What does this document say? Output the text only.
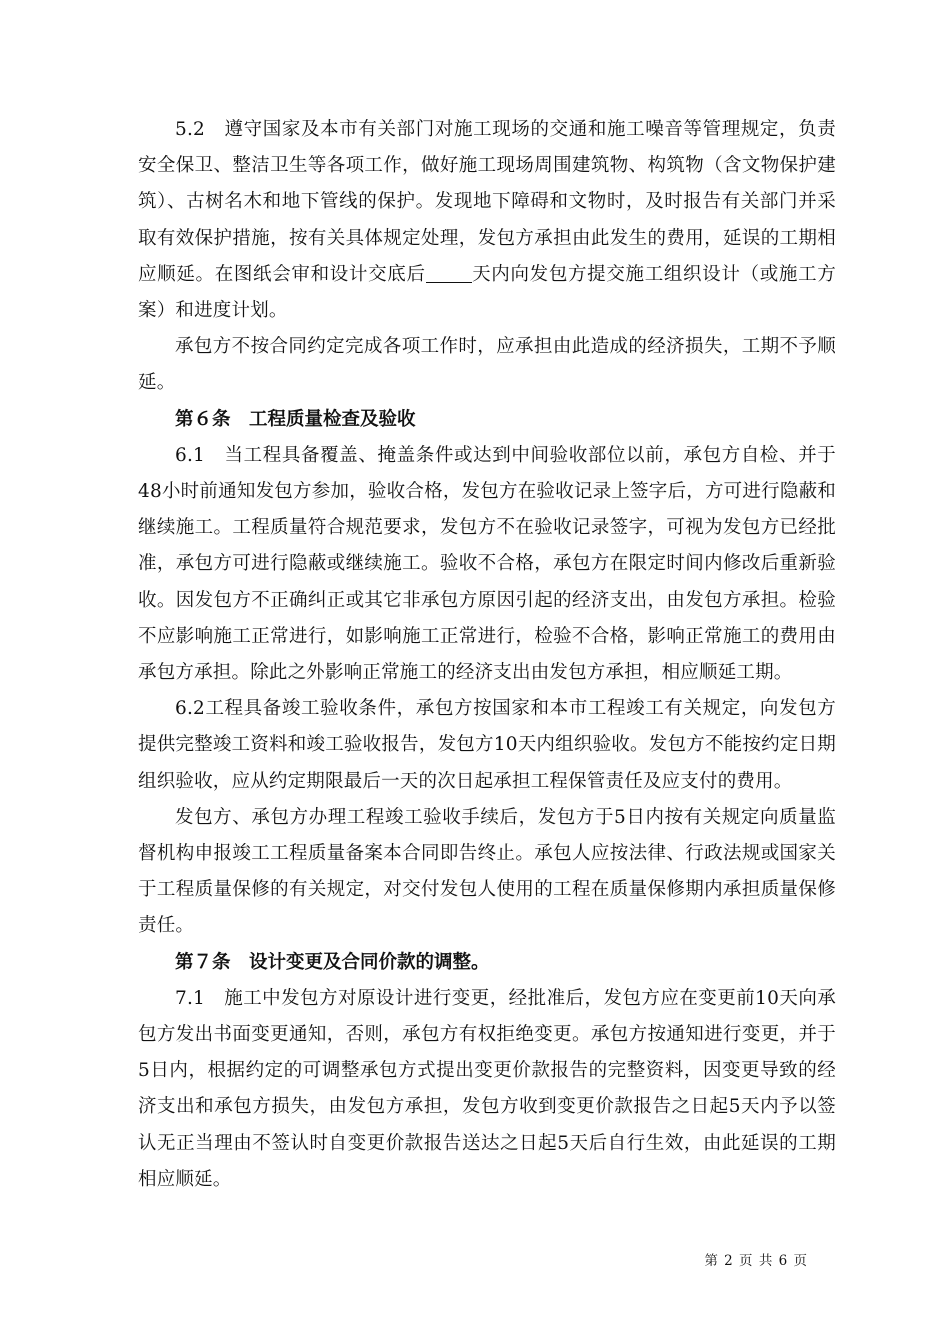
5.2　遵守国家及本市有关部门对施工现场的交通和施工噪音等管理规定，负责安全保卫、整洁卫生等各项工作，做好施工现场周围建筑物、构筑物（含文物保护建筑）、古树名木和地下管线的保护。发现地下障碍和文物时，及时报告有关部门并采取有效保护措施，按有关具体规定处理，发包方承担由此发生的费用，延误的工期相应顺延。在图纸会审和设计交底后 天内向发包方提交施工组织设计（或施工方案）和进度计划。

承包方不按合同约定完成各项工作时，应承担由此造成的经济损失，工期不予顺延。

第６条　工程质量检查及验收

6.1　当工程具备覆盖、掩盖条件或达到中间验收部位以前，承包方自检、并于48小时前通知发包方参加，验收合格，发包方在验收记录上签字后，方可进行隐蔽和继续施工。工程质量符合规范要求，发包方不在验收记录签字，可视为发包方已经批准，承包方可进行隐蔽或继续施工。验收不合格，承包方在限定时间内修改后重新验收。因发包方不正确纠正或其它非承包方原因引起的经济支出，由发包方承担。检验不应影响施工正常进行，如影响施工正常进行，检验不合格，影响正常施工的费用由承包方承担。除此之外影响正常施工的经济支出由发包方承担，相应顺延工期。

6.2工程具备竣工验收条件，承包方按国家和本市工程竣工有关规定，向发包方提供完整竣工资料和竣工验收报告，发包方10天内组织验收。发包方不能按约定日期组织验收，应从约定期限最后一天的次日起承担工程保管责任及应支付的费用。

发包方、承包方办理工程竣工验收手续后，发包方于5日内按有关规定向质量监督机构申报竣工工程质量备案本合同即告终止。承包人应按法律、行政法规或国家关于工程质量保修的有关规定，对交付发包人使用的工程在质量保修期内承担质量保修责任。

第７条　设计变更及合同价款的调整。

7.1　施工中发包方对原设计进行变更，经批准后，发包方应在变更前10天向承包方发出书面变更通知，否则，承包方有权拒绝变更。承包方按通知进行变更，并于5日内，根据约定的可调整承包方式提出变更价款报告的完整资料，因变更导致的经济支出和承包方损失，由发包方承担，发包方收到变更价款报告之日起5天内予以签认无正当理由不签认时自变更价款报告送达之日起5天后自行生效，由此延误的工期相应顺延。

第 2 页 共 6 页
